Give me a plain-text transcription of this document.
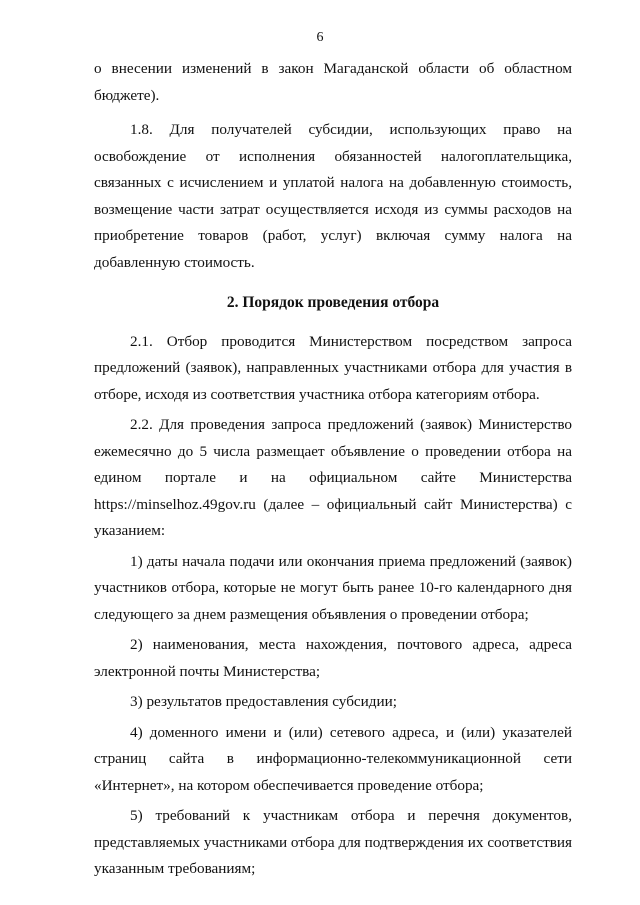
6

о внесении изменений в закон Магаданской области об областном бюджете).

1.8. Для получателей субсидии, использующих право на освобождение от исполнения обязанностей налогоплательщика, связанных с исчислением и уплатой налога на добавленную стоимость, возмещение части затрат осуществляется исходя из суммы расходов на приобретение товаров (работ, услуг) включая сумму налога на добавленную стоимость.

2. Порядок проведения отбора

2.1. Отбор проводится Министерством посредством запроса предложений (заявок), направленных участниками отбора для участия в отборе, исходя из соответствия участника отбора категориям отбора.

2.2. Для проведения запроса предложений (заявок) Министерство ежемесячно до 5 числа размещает объявление о проведении отбора на едином портале и на официальном сайте Министерства https://minselhoz.49gov.ru (далее – официальный сайт Министерства) с указанием:

1) даты начала подачи или окончания приема предложений (заявок) участников отбора, которые не могут быть ранее 10-го календарного дня следующего за днем размещения объявления о проведении отбора;

2) наименования, места нахождения, почтового адреса, адреса электронной почты Министерства;

3) результатов предоставления субсидии;

4) доменного имени и (или) сетевого адреса, и (или) указателей страниц сайта в информационно-телекоммуникационной сети «Интернет», на котором обеспечивается проведение отбора;

5) требований к участникам отбора и перечня документов, представляемых участниками отбора для подтверждения их соответствия указанным требованиям;
